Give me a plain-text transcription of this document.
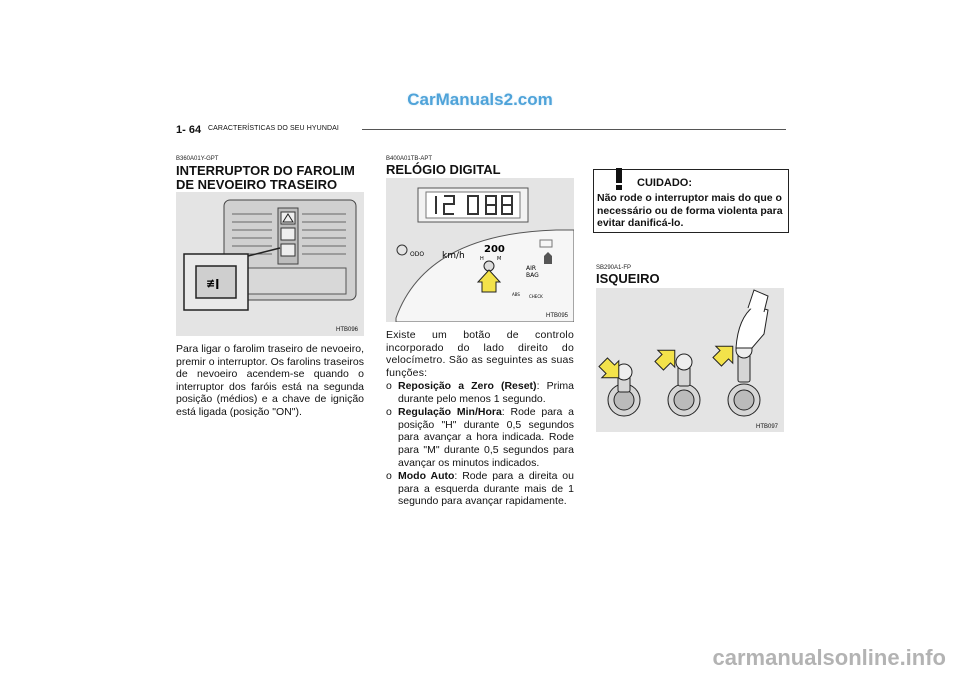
CarManuals2.com
1- 64 CARACTERÍSTICAS DO SEU HYUNDAI
B360A01Y-GPT
INTERRUPTOR DO FAROLIM
DE NEVOEIRO TRASEIRO
≢ǀ
HTB096
Para ligar o farolim traseiro de nevoeiro, premir o interruptor. Os farolins traseiros de nevoeiro acendem-se quando o interruptor dos faróis está na segunda posição (médios) e a chave de ignição está ligada (posição "ON").
B400A01TB-APT
RELÓGIO DIGITAL
ODO km/h
200
H	M
AIR
BAG
ABS CHECK
HTB095
Existe um botão de controlo incorporado do lado direito do velocímetro. São as seguintes as suas funções:
o Reposição a Zero (Reset): Prima durante pelo menos 1 segundo.
o Regulação Min/Hora: Rode para a posição "H" durante 0,5 segundos para avançar a hora indicada. Rode para "M" durante 0,5 segundos para avançar os minutos indicados.
o Modo Auto: Rode para a direita ou para a esquerda durante mais de 1 segundo para avançar rapidamente.
CUIDADO:
Não rode o interruptor mais do que o necessário ou de forma violenta para evitar danificá-lo.
SB290A1-FP
ISQUEIRO
HTB097
carmanualsonline.info
